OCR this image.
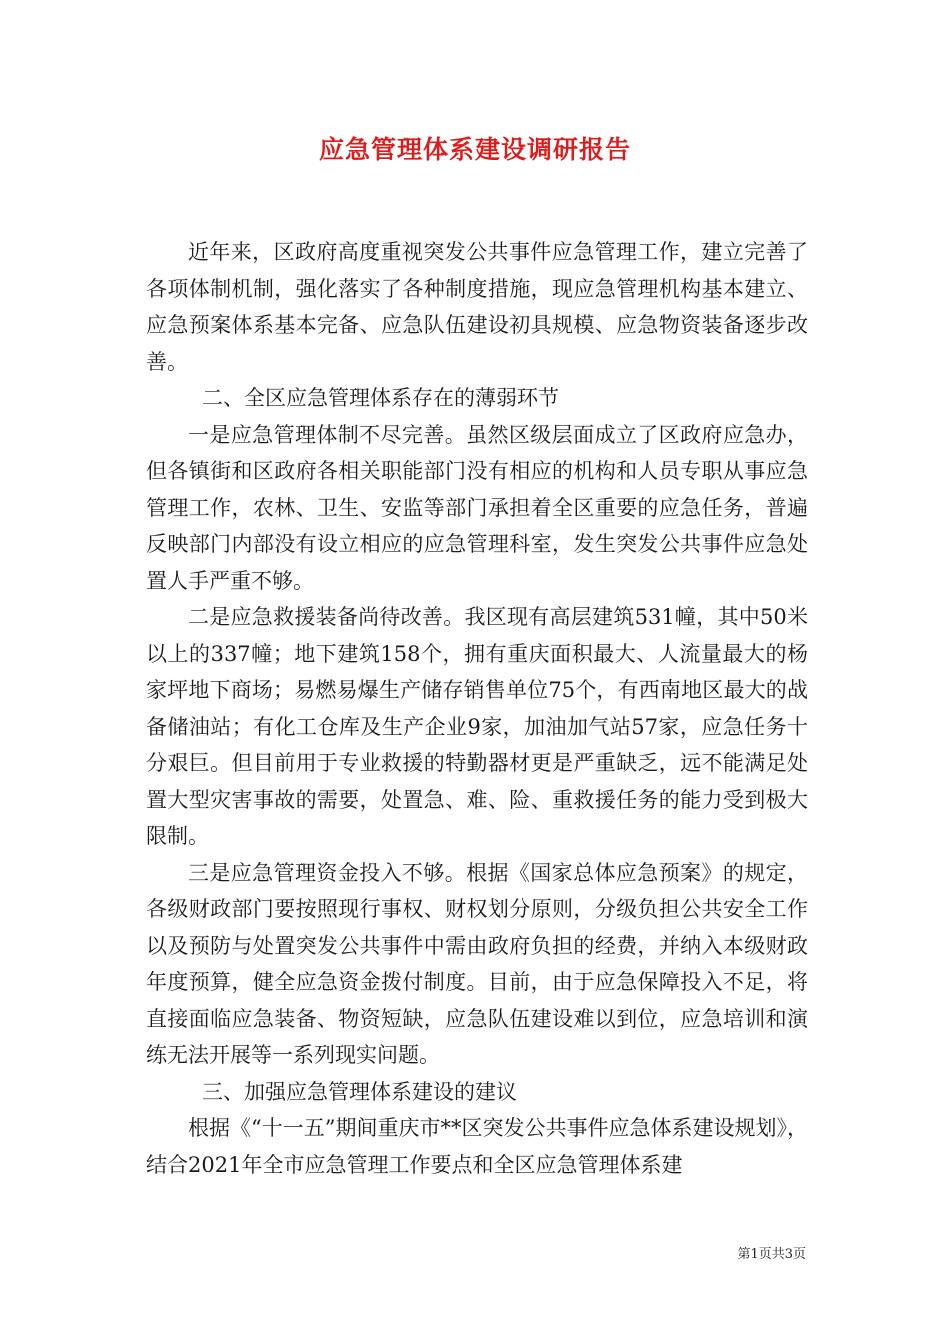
应急管理体系建设调研报告

近年来，区政府高度重视突发公共事件应急管理工作，建立完善了各项体制机制，强化落实了各种制度措施，现应急管理机构基本建立、应急预案体系基本完备、应急队伍建设初具规模、应急物资装备逐步改善。

二、全区应急管理体系存在的薄弱环节

一是应急管理体制不尽完善。虽然区级层面成立了区政府应急办，但各镇街和区政府各相关职能部门没有相应的机构和人员专职从事应急管理工作，农林、卫生、安监等部门承担着全区重要的应急任务，普遍反映部门内部没有设立相应的应急管理科室，发生突发公共事件应急处置人手严重不够。

二是应急救援装备尚待改善。我区现有高层建筑531幢，其中50米以上的337幢；地下建筑158个，拥有重庆面积最大、人流量最大的杨家坪地下商场；易燃易爆生产储存销售单位75个，有西南地区最大的战备储油站；有化工仓库及生产企业9家，加油加气站57家，应急任务十分艰巨。但目前用于专业救援的特勤器材更是严重缺乏，远不能满足处置大型灾害事故的需要，处置急、难、险、重救援任务的能力受到极大限制。

三是应急管理资金投入不够。根据《国家总体应急预案》的规定，各级财政部门要按照现行事权、财权划分原则，分级负担公共安全工作以及预防与处置突发公共事件中需由政府负担的经费，并纳入本级财政年度预算，健全应急资金拨付制度。目前，由于应急保障投入不足，将直接面临应急装备、物资短缺，应急队伍建设难以到位，应急培训和演练无法开展等一系列现实问题。

三、加强应急管理体系建设的建议

根据《“十一五”期间重庆市**区突发公共事件应急体系建设规划》，结合2021年全市应急管理工作要点和全区应急管理体系建

第1页共3页
